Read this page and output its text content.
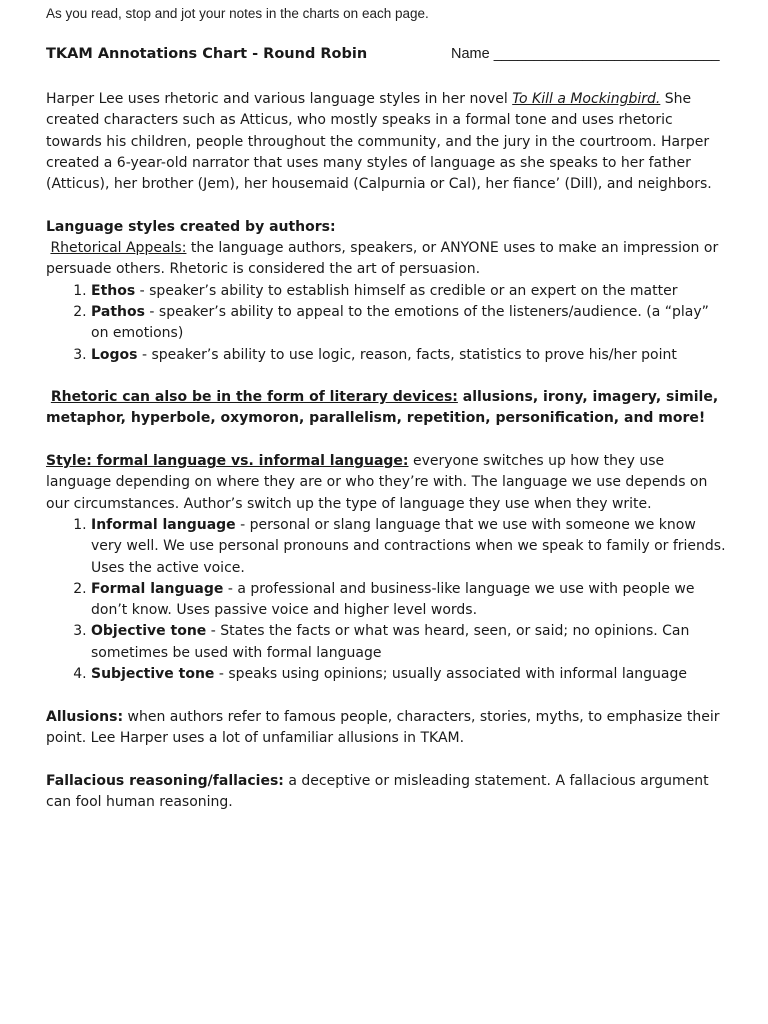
As you read, stop and jot your notes in the charts on each page.
TKAM Annotations Chart - Round Robin	Name ____________________________

Harper Lee uses rhetoric and various language styles in her novel To Kill a Mockingbird. She created characters such as Atticus, who mostly speaks in a formal tone and uses rhetoric towards his children, people throughout the community, and the jury in the courtroom. Harper created a 6-year-old narrator that uses many styles of language as she speaks to her father (Atticus), her brother (Jem), her housemaid (Calpurnia or Cal), her fiance’ (Dill), and neighbors.

Language styles created by authors:

Rhetorical Appeals: the language authors, speakers, or ANYONE uses to make an impression or persuade others. Rhetoric is considered the art of persuasion.

1. Ethos - speaker’s ability to establish himself as credible or an expert on the matter
2. Pathos - speaker’s ability to appeal to the emotions of the listeners/audience. (a “play” on emotions)
3. Logos - speaker’s ability to use logic, reason, facts, statistics to prove his/her point

Rhetoric can also be in the form of literary devices: allusions, irony, imagery, simile, metaphor, hyperbole, oxymoron, parallelism, repetition, personification, and more!

Style: formal language vs. informal language: everyone switches up how they use language depending on where they are or who they’re with. The language we use depends on our circumstances. Author’s switch up the type of language they use when they write.

1. Informal language - personal or slang language that we use with someone we know very well. We use personal pronouns and contractions when we speak to family or friends. Uses the active voice.
2. Formal language - a professional and business-like language we use with people we don’t know. Uses passive voice and higher level words.
3. Objective tone - States the facts or what was heard, seen, or said; no opinions. Can sometimes be used with formal language
4. Subjective tone - speaks using opinions; usually associated with informal language

Allusions: when authors refer to famous people, characters, stories, myths, to emphasize their point. Lee Harper uses a lot of unfamiliar allusions in TKAM.

Fallacious reasoning/fallacies: a deceptive or misleading statement. A fallacious argument can fool human reasoning.
